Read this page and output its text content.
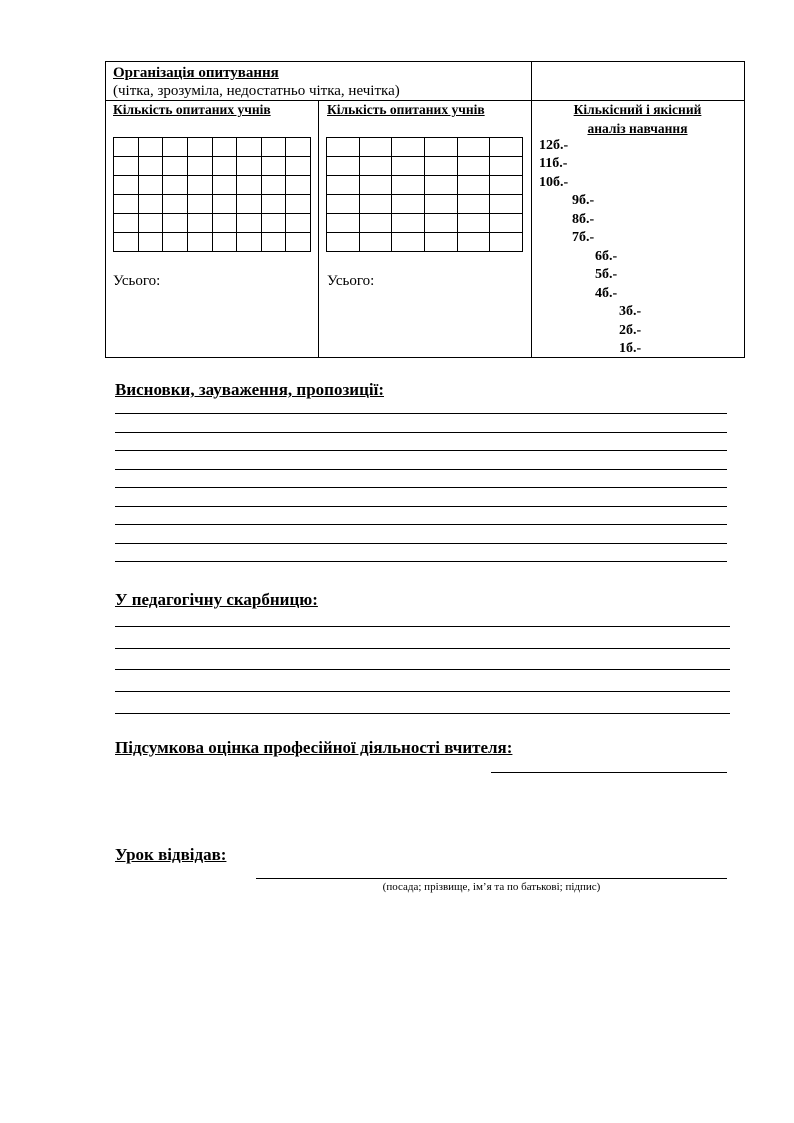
Організація опитування
(чітка, зрозуміла, недостатньо чітка, нечітка)
Кількість опитаних учнів	Кількість опитаних учнів	Кількісний і якісний
аналіз навчання

Усього:	Усього:
12б.-
11б.-
10б.-
9б.-
8б.-
7б.-
6б.-
5б.-
4б.-
3б.-
2б.-
1б.-
Висновки, зауваження, пропозиції:
У педагогічну скарбницю:
Підсумкова оцінка професійної діяльності вчителя:
Урок відвідав:
(посада; прізвище, ім’я та по батькові; підпис)
